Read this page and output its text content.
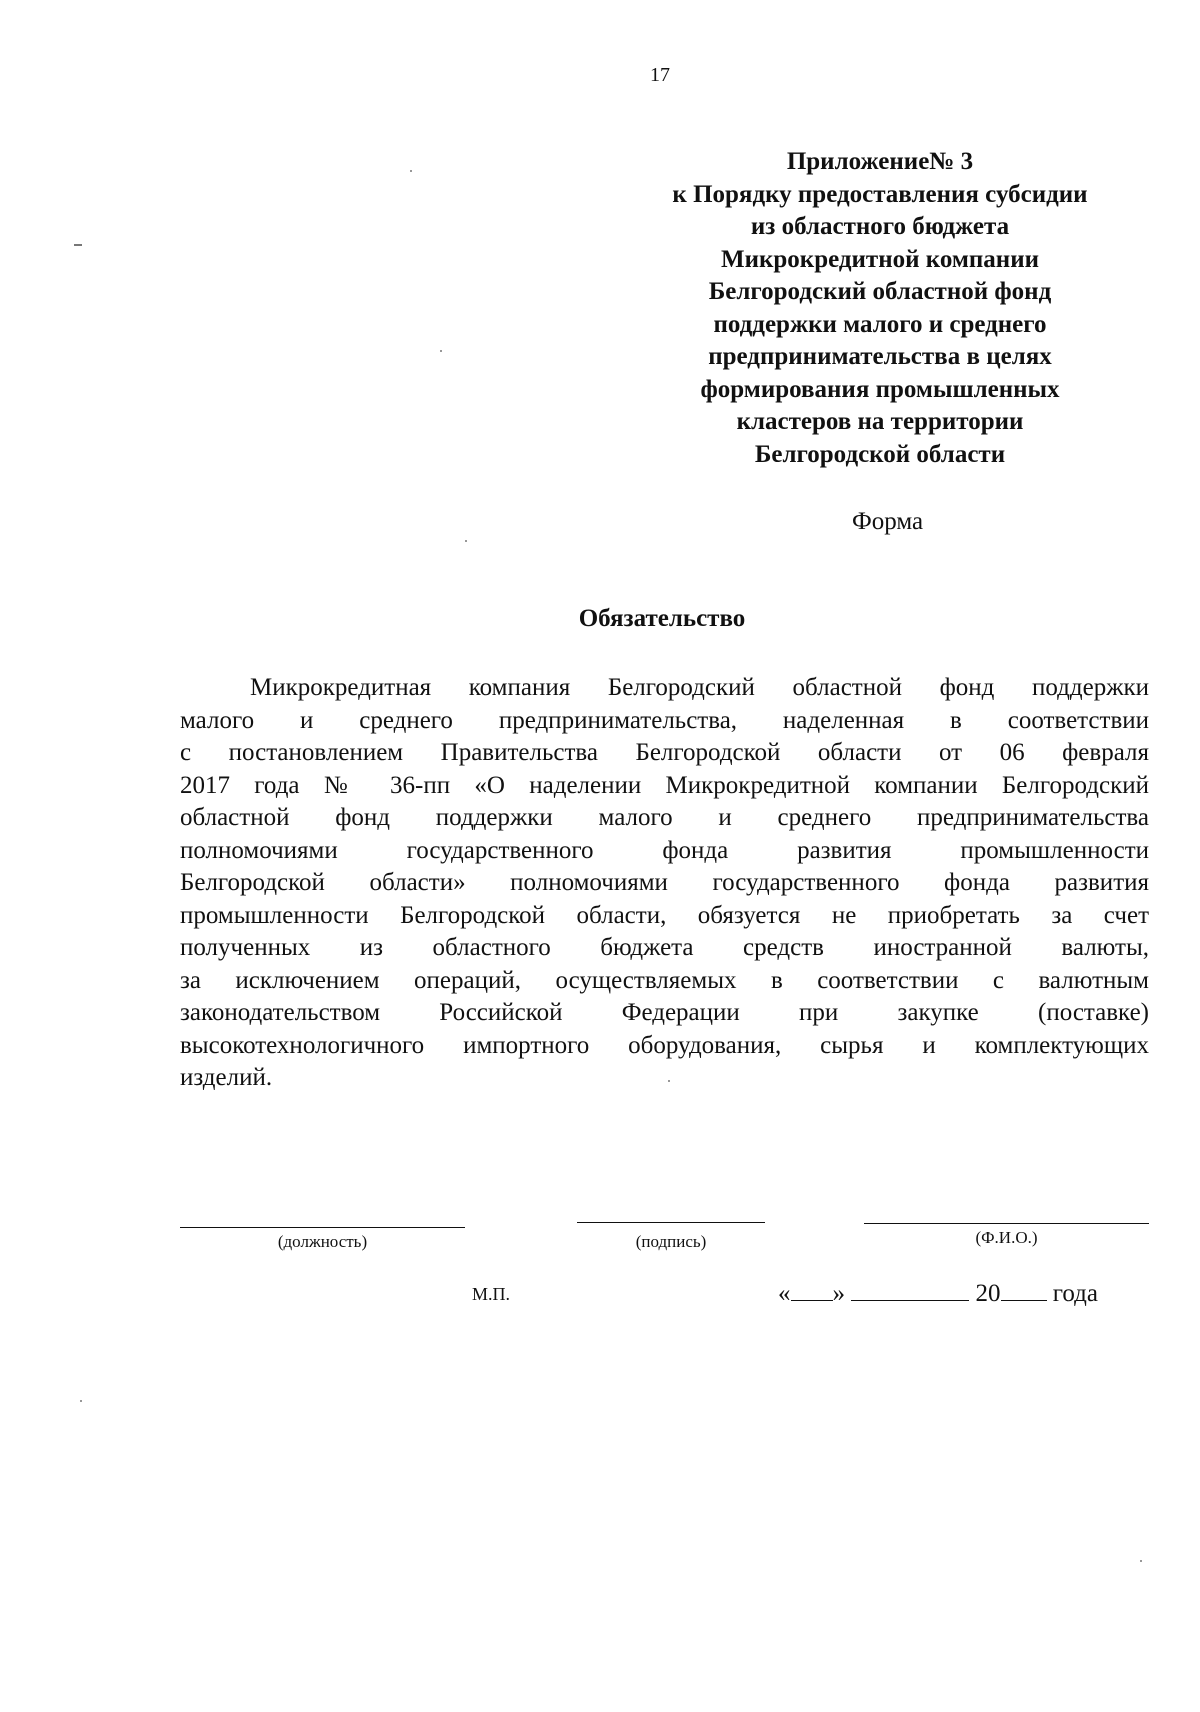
17
Приложение№ 3
к Порядку предоставления субсидии
из областного бюджета
Микрокредитной компании
Белгородский областной фонд
поддержки малого и среднего
предпринимательства в целях
формирования промышленных
кластеров на территории
Белгородской области
Форма
Обязательство
Микрокредитная компания Белгородский областной фонд поддержки
малого и среднего предпринимательства, наделенная в соответствии
с постановлением Правительства Белгородской области от 06 февраля
2017 года № 36-пп «О наделении Микрокредитной компании Белгородский
областной фонд поддержки малого и среднего предпринимательства
полномочиями государственного фонда развития промышленности
Белгородской области» полномочиями государственного фонда развития
промышленности Белгородской области, обязуется не приобретать за счет
полученных из областного бюджета средств иностранной валюты,
за исключением операций, осуществляемых в соответствии с валютным
законодательством Российской Федерации при закупке (поставке)
высокотехнологичного импортного оборудования, сырья и комплектующих
изделий.
(должность)	(подпись)	(Ф.И.О.)
М.П.	« »	20 года
